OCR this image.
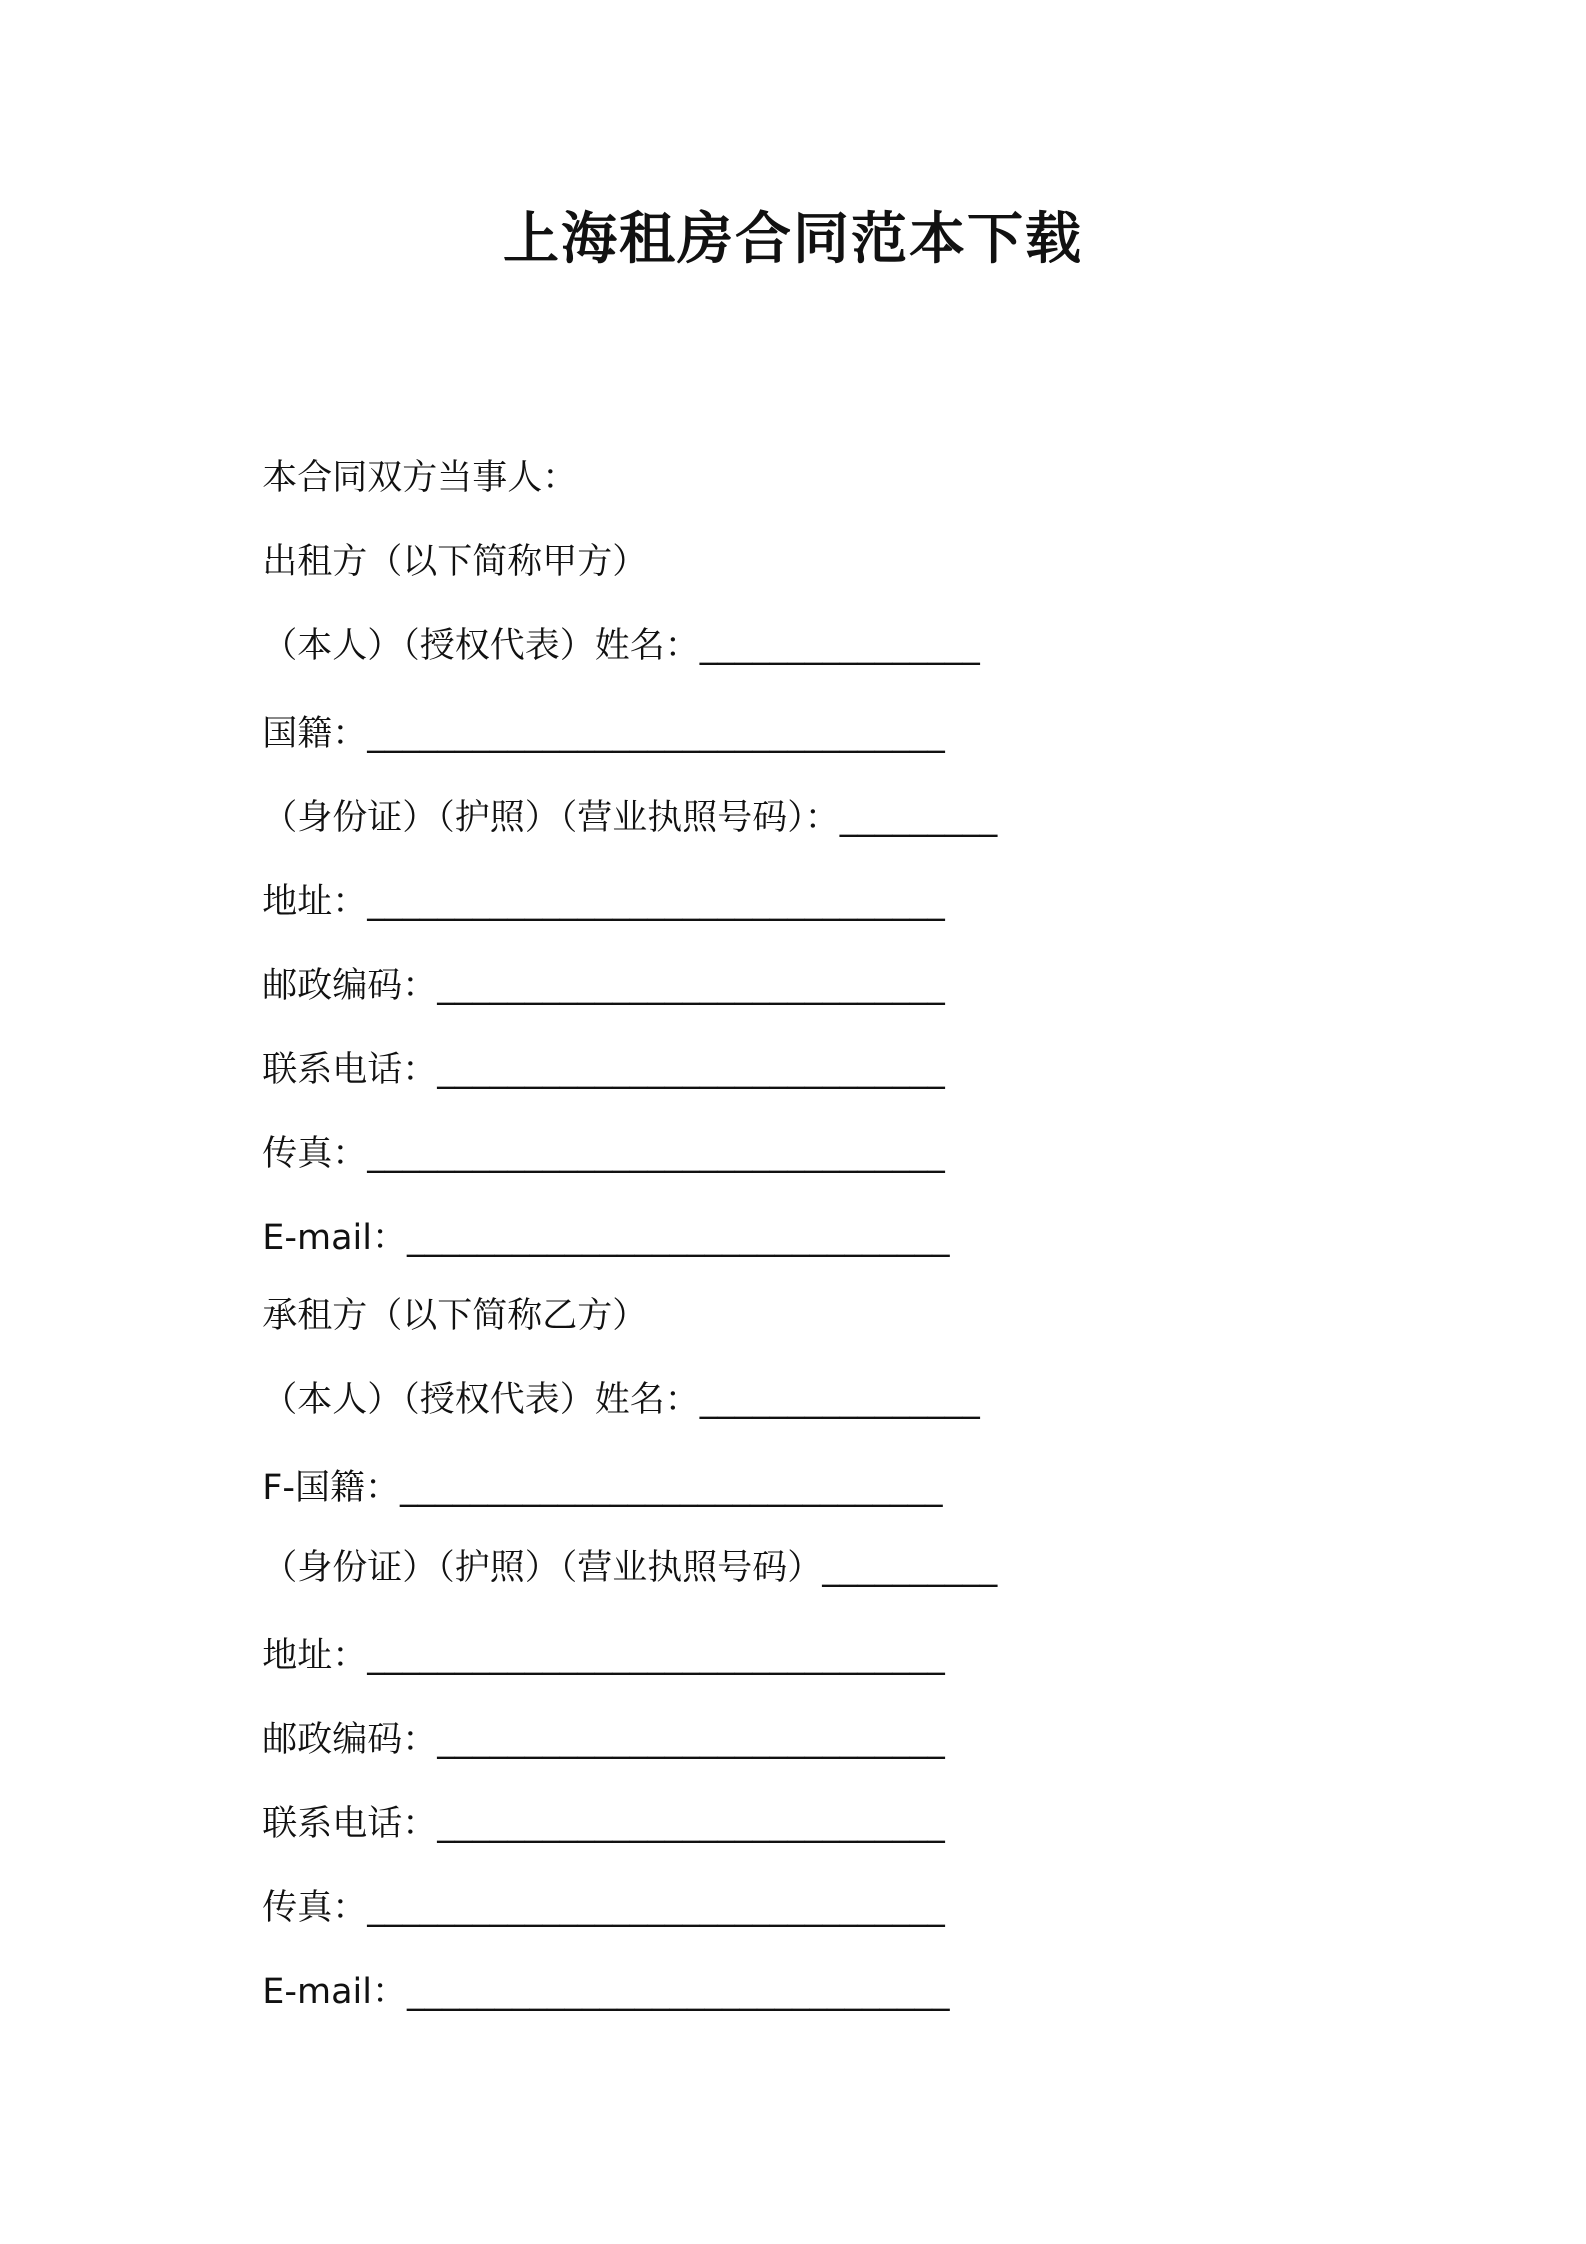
上海租房合同范本下载

本合同双方当事人：

出租方（以下简称甲方）

（本人）（授权代表）姓名：________________

国籍：_________________________________

（身份证）（护照）（营业执照号码）：_________

地址：_________________________________

邮政编码：_____________________________

联系电话：_____________________________

传真：_________________________________

E-mail：_______________________________

承租方（以下简称乙方）

（本人）（授权代表）姓名：________________

F-国籍：_______________________________

（身份证）（护照）（营业执照号码）__________

地址：_________________________________

邮政编码：_____________________________

联系电话：_____________________________

传真：_________________________________

E-mail：_______________________________
